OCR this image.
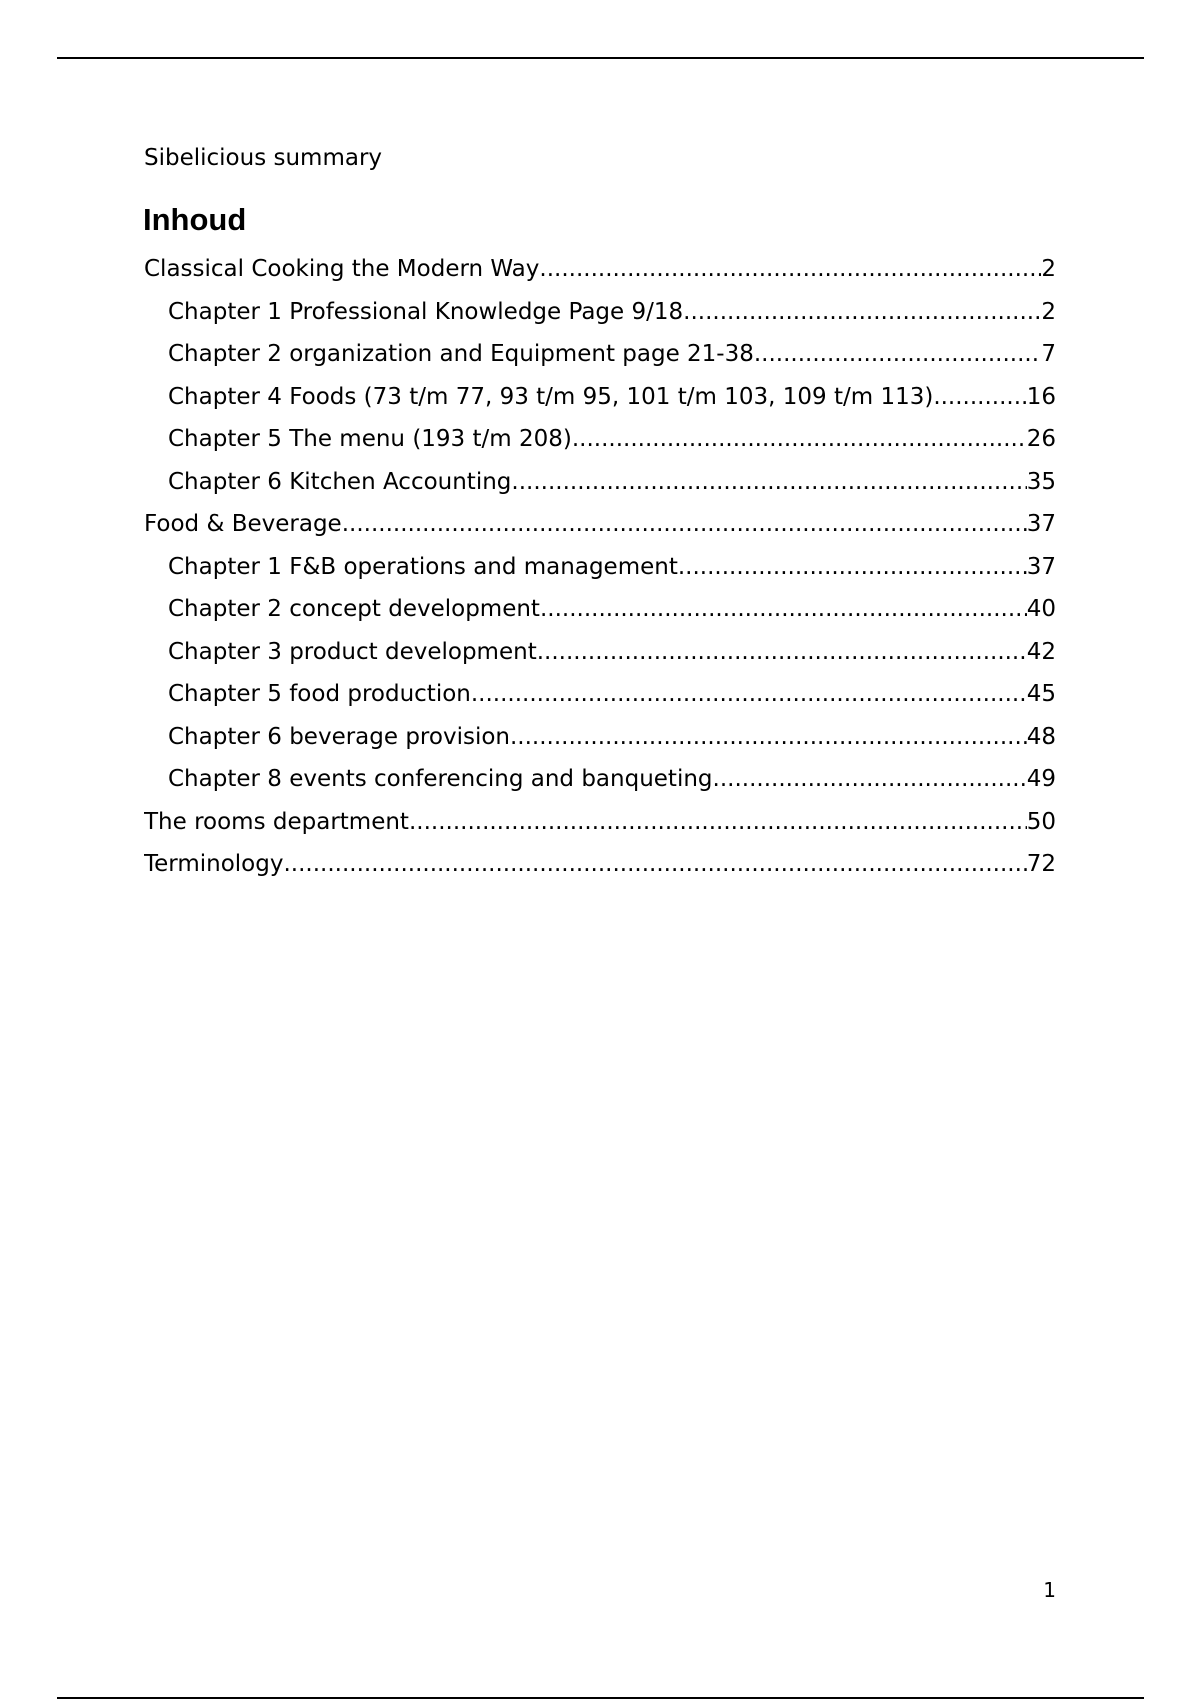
Sibelicious summary
Inhoud
Classical Cooking the Modern Way .....	2
Chapter 1 Professional Knowledge Page 9/18 .....	2
Chapter 2 organization and Equipment page 21-38 .....	7
Chapter 4 Foods (73 t/m 77, 93 t/m 95, 101 t/m 103, 109 t/m 113) .....	16
Chapter 5 The menu (193 t/m 208) .....	26
Chapter 6 Kitchen Accounting .....	35
Food & Beverage .....	37
Chapter 1 F&B operations and management .....	37
Chapter 2 concept development .....	40
Chapter 3 product development .....	42
Chapter 5 food production .....	45
Chapter 6 beverage provision .....	48
Chapter 8 events conferencing and banqueting .....	49
The rooms department .....	50
Terminology .....	72
1
